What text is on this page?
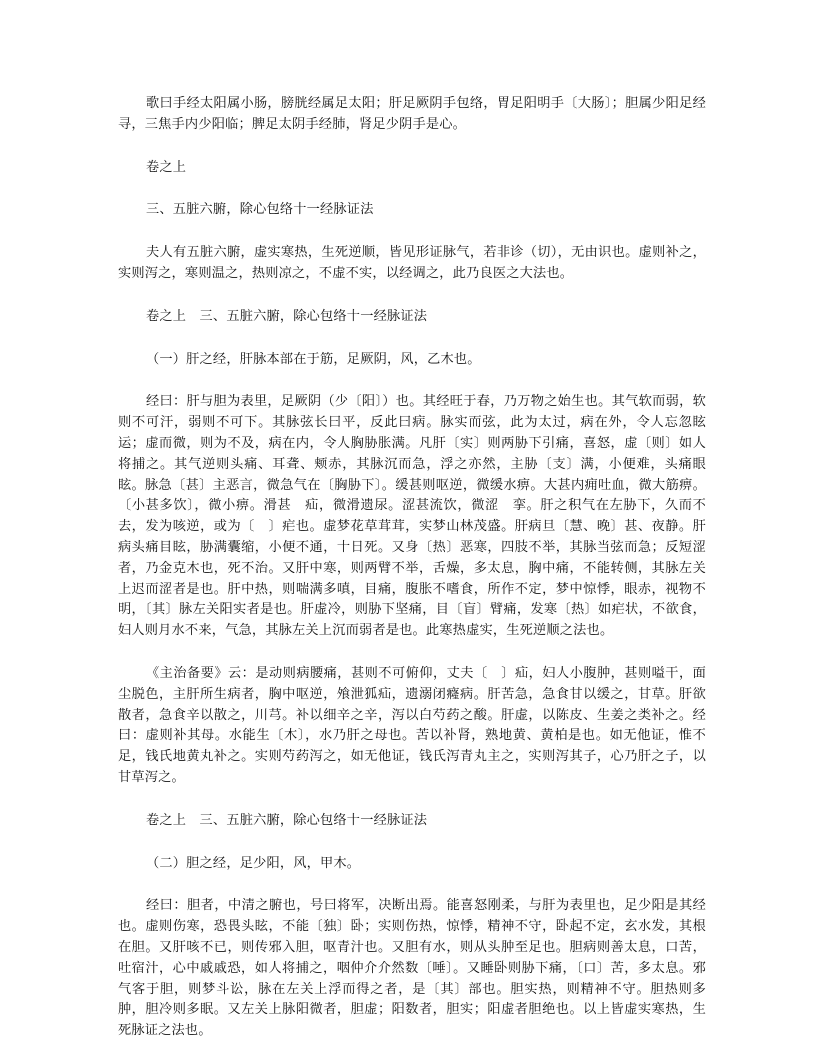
歌曰手经太阳属小肠，膀胱经属足太阳；肝足厥阴手包络，胃足阳明手〔大肠〕；胆属少阳足经寻，三焦手内少阳临；脾足太阴手经肺，肾足少阴手是心。

卷之上

三、五脏六腑，除心包络十一经脉证法

夫人有五脏六腑，虚实寒热，生死逆顺，皆见形证脉气，若非诊（切），无由识也。虚则补之，实则泻之，寒则温之，热则凉之，不虚不实，以经调之，此乃良医之大法也。

卷之上　三、五脏六腑，除心包络十一经脉证法

（一）肝之经，肝脉本部在于筋，足厥阴，风，乙木也。

经曰：肝与胆为表里，足厥阴（少〔阳〕）也。其经旺于春，乃万物之始生也。其气软而弱，软则不可汗，弱则不可下。其脉弦长曰平，反此曰病。脉实而弦，此为太过，病在外，令人忘忽眩运；虚而微，则为不及，病在内，令人胸胁胀满。凡肝〔实〕则两胁下引痛，喜怒，虚〔则〕如人将捕之。其气逆则头痛、耳聋、颊赤，其脉沉而急，浮之亦然，主胁〔支〕满，小便难，头痛眼眩。脉急〔甚〕主恶言，微急气在〔胸胁下〕。缓甚则呕逆，微缓水痹。大甚内痈吐血，微大筋痹。〔小甚多饮〕，微小痹。滑甚　疝，微滑遗尿。涩甚流饮，微涩　挛。肝之积气在左胁下，久而不去，发为咳逆，或为〔　〕疟也。虚梦花草茸茸，实梦山林茂盛。肝病旦〔慧、晚〕甚、夜静。肝病头痛目眩，胁满囊缩，小便不通，十日死。又身〔热〕恶寒，四肢不举，其脉当弦而急；反短涩者，乃金克木也，死不治。又肝中寒，则两臂不举，舌燥，多太息，胸中痛，不能转侧，其脉左关上迟而涩者是也。肝中热，则喘满多嗔，目痛，腹胀不嗜食，所作不定，梦中惊悸，眼赤，视物不明，〔其〕脉左关阳实者是也。肝虚冷，则胁下坚痛，目〔盲〕臂痛，发寒〔热〕如疟状，不欲食，妇人则月水不来，气急，其脉左关上沉而弱者是也。此寒热虚实，生死逆顺之法也。

《主治备要》云：是动则病腰痛，甚则不可俯仰，丈夫〔　〕疝，妇人小腹肿，甚则嗌干，面尘脱色，主肝所生病者，胸中呕逆，飧泄狐疝，遗溺闭癃病。肝苦急，急食甘以缓之，甘草。肝欲散者，急食辛以散之，川芎。补以细辛之辛，泻以白芍药之酸。肝虚，以陈皮、生姜之类补之。经曰：虚则补其母。水能生〔木〕，水乃肝之母也。苦以补肾，熟地黄、黄柏是也。如无他证，惟不足，钱氏地黄丸补之。实则芍药泻之，如无他证，钱氏泻青丸主之，实则泻其子，心乃肝之子，以甘草泻之。

卷之上　三、五脏六腑，除心包络十一经脉证法

（二）胆之经，足少阳，风，甲木。

经曰：胆者，中清之腑也，号曰将军，决断出焉。能喜怒刚柔，与肝为表里也，足少阳是其经也。虚则伤寒，恐畏头眩，不能〔独〕卧；实则伤热，惊悸，精神不守，卧起不定，玄水发，其根在胆。又肝咳不已，则传邪入胆，呕青汁也。又胆有水，则从头肿至足也。胆病则善太息，口苦，吐宿汁，心中戚戚恐，如人将捕之，咽仲介介然数〔唾〕。又睡卧则胁下痛，〔口〕苦，多太息。邪气客于胆，则梦斗讼，脉在左关上浮而得之者，是〔其〕部也。胆实热，则精神不守。胆热则多肿，胆冷则多眠。又左关上脉阳微者，胆虚；阳数者，胆实；阳虚者胆绝也。以上皆虚实寒热，生死脉证之法也。
